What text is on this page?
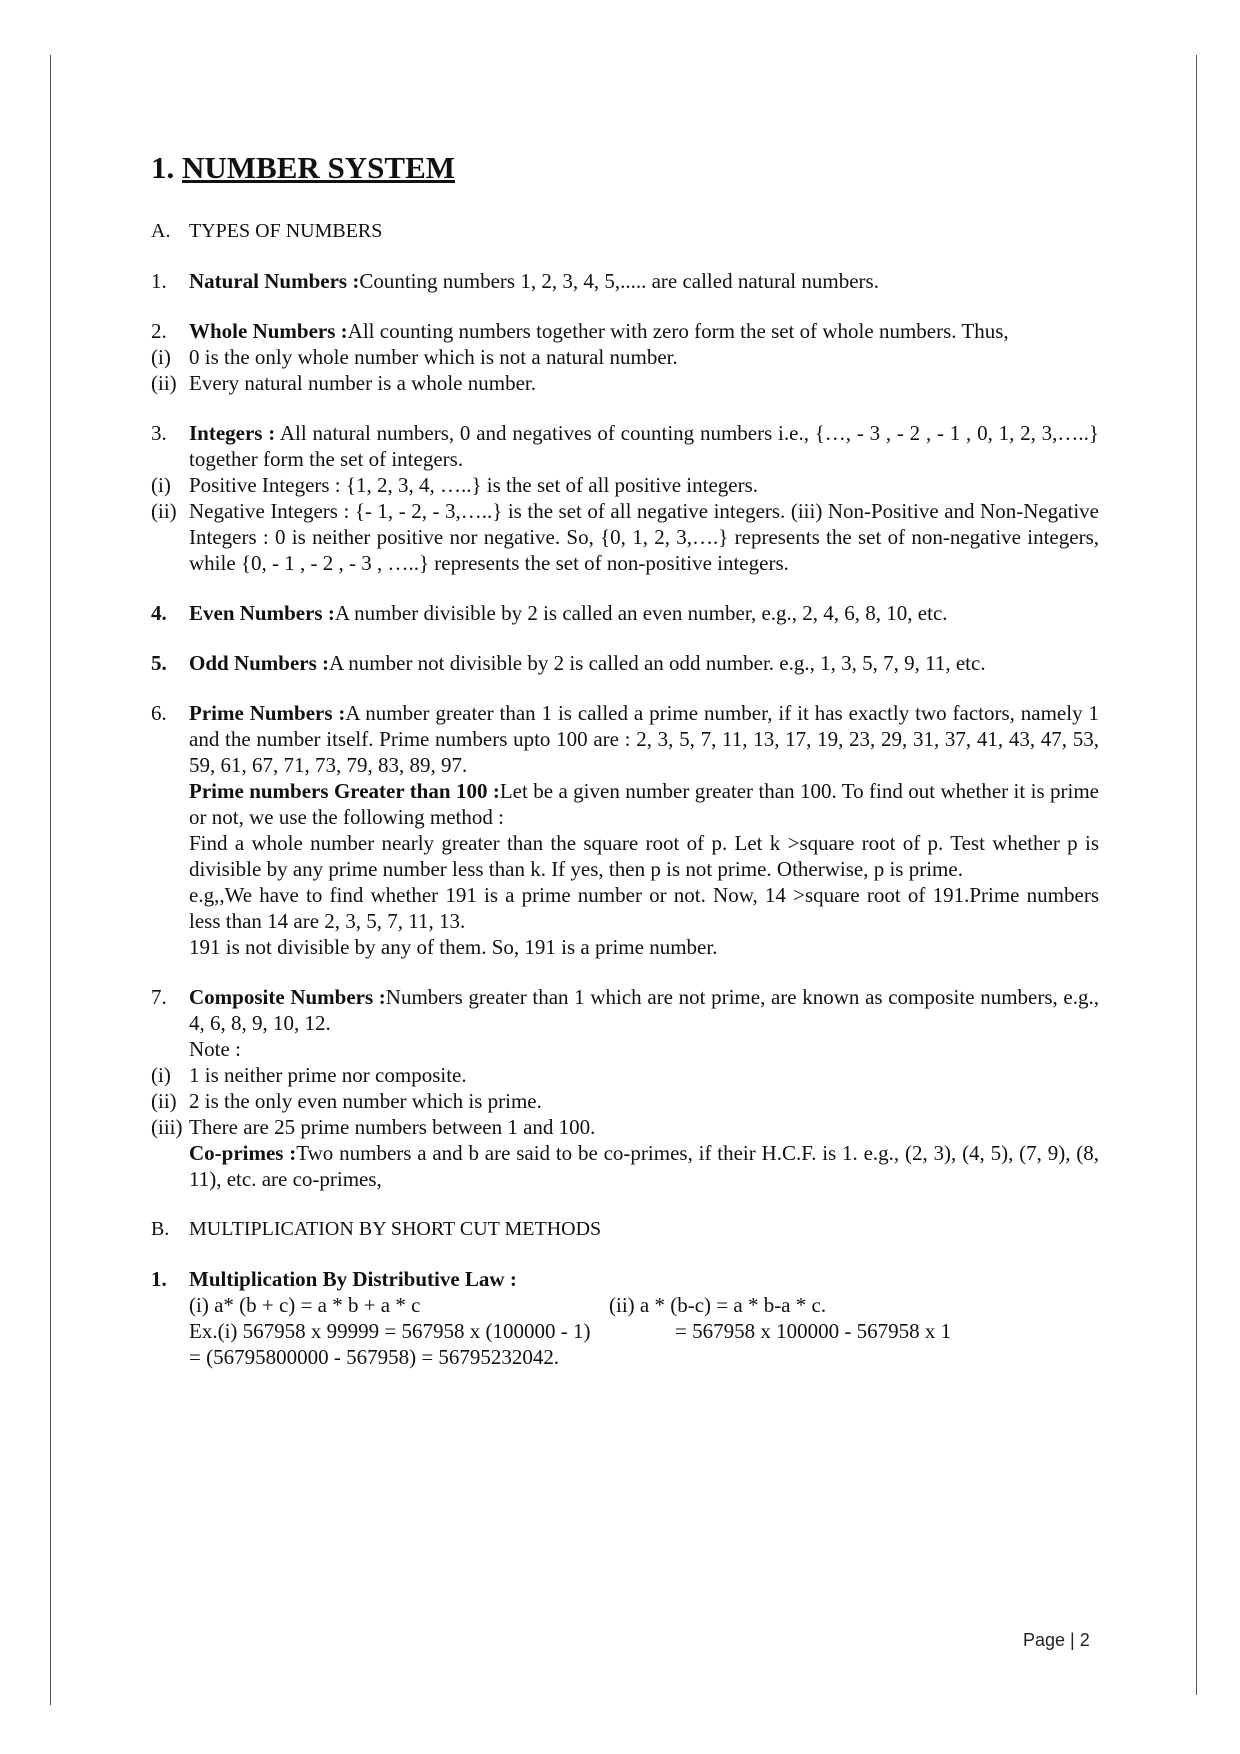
1. NUMBER SYSTEM

A. TYPES OF NUMBERS

1. Natural Numbers :Counting numbers 1, 2, 3, 4, 5,..... are called natural numbers.

2. Whole Numbers :All counting numbers together with zero form the set of whole numbers. Thus,

(i) 0 is the only whole number which is not a natural number.

(ii) Every natural number is a whole number.

3. Integers : All natural numbers, 0 and negatives of counting numbers i.e., {…, - 3 , - 2 , - 1 , 0, 1, 2, 3,…..} together form the set of integers.

(i) Positive Integers : {1, 2, 3, 4, …..} is the set of all positive integers.

(ii) Negative Integers : {- 1, - 2, - 3,…..} is the set of all negative integers. (iii) Non-Positive and Non-Negative Integers : 0 is neither positive nor negative. So, {0, 1, 2, 3,….} represents the set of non-negative integers, while {0, - 1 , - 2 , - 3 , …..} represents the set of non-positive integers.

4. Even Numbers :A number divisible by 2 is called an even number, e.g., 2, 4, 6, 8, 10, etc.

5. Odd Numbers :A number not divisible by 2 is called an odd number. e.g., 1, 3, 5, 7, 9, 11, etc.

6. Prime Numbers :A number greater than 1 is called a prime number, if it has exactly two factors, namely 1 and the number itself. Prime numbers upto 100 are : 2, 3, 5, 7, 11, 13, 17, 19, 23, 29, 31, 37, 41, 43, 47, 53, 59, 61, 67, 71, 73, 79, 83, 89, 97.

Prime numbers Greater than 100 :Let be a given number greater than 100. To find out whether it is prime or not, we use the following method :

Find a whole number nearly greater than the square root of p. Let k >square root of p. Test whether p is divisible by any prime number less than k. If yes, then p is not prime. Otherwise, p is prime.

e.g,,We have to find whether 191 is a prime number or not. Now, 14 >square root of 191.Prime numbers less than 14 are 2, 3, 5, 7, 11, 13.

191 is not divisible by any of them. So, 191 is a prime number.

7. Composite Numbers :Numbers greater than 1 which are not prime, are known as composite numbers, e.g., 4, 6, 8, 9, 10, 12.

Note :

(i) 1 is neither prime nor composite.

(ii) 2 is the only even number which is prime.

(iii) There are 25 prime numbers between 1 and 100.

Co-primes :Two numbers a and b are said to be co-primes, if their H.C.F. is 1. e.g., (2, 3), (4, 5), (7, 9), (8, 11), etc. are co-primes,

B. MULTIPLICATION BY SHORT CUT METHODS

1. Multiplication By Distributive Law :

(i) a* (b + c) = a * b + a * c	(ii) a * (b-c) = a * b-a * c.
Ex.(i) 567958 x 99999 = 567958 x (100000 - 1)	= 567958 x 100000 - 567958 x 1

= (56795800000 - 567958) = 56795232042.

Page | 2
